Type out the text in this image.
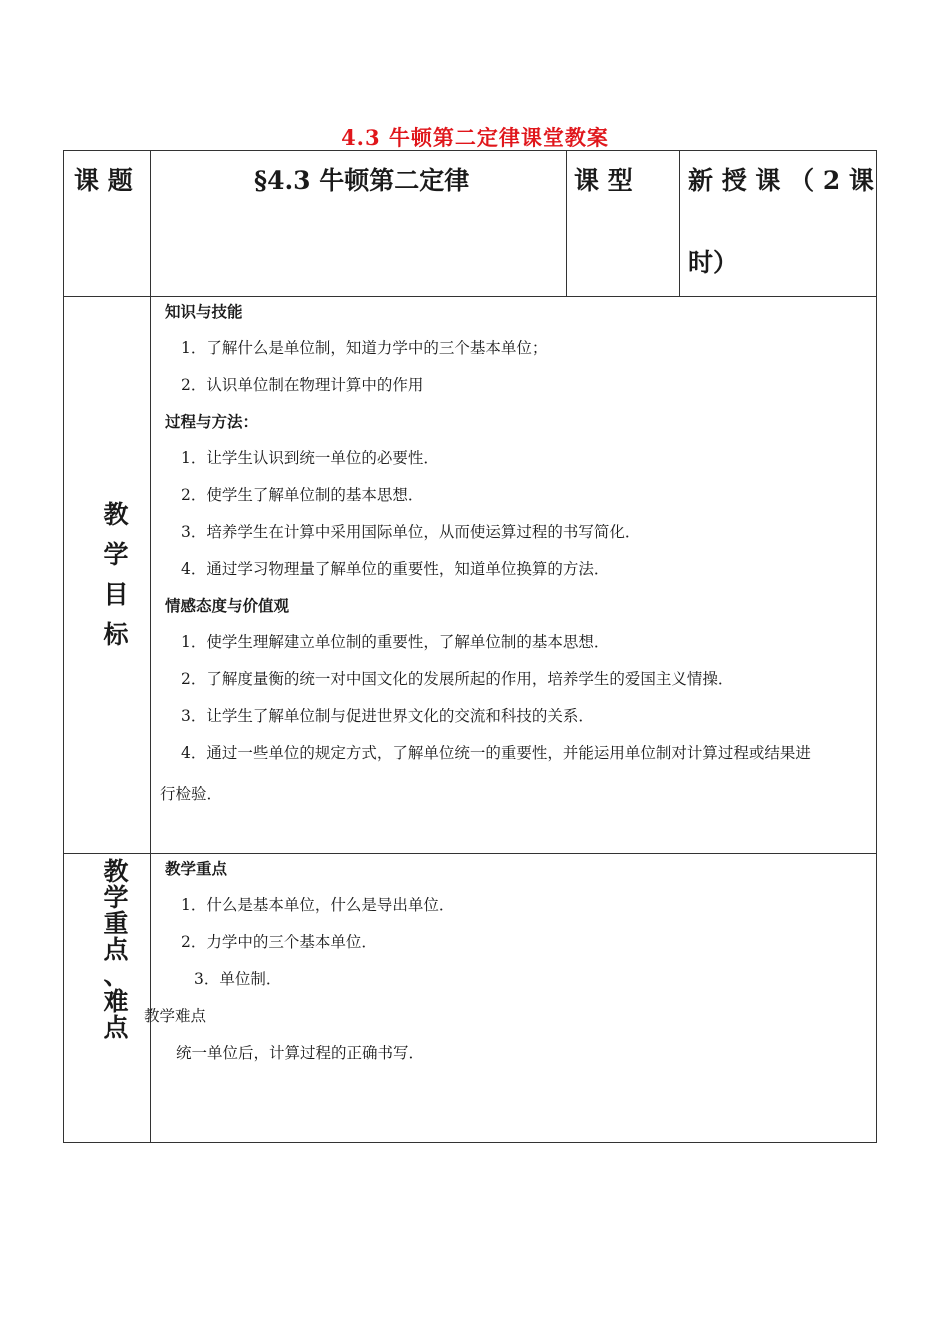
4.3 牛顿第二定律课堂教案
课 题	§4.3 牛顿第二定律	课 型 新 授 课 （ 2 课
时）
教
学
目
标
知识与技能
1．了解什么是单位制，知道力学中的三个基本单位；
2．认识单位制在物理计算中的作用
过程与方法：
1．让学生认识到统一单位的必要性．
2．使学生了解单位制的基本思想．
3．培养学生在计算中采用国际单位，从而使运算过程的书写简化．
4．通过学习物理量了解单位的重要性，知道单位换算的方法．
情感态度与价值观
1．使学生理解建立单位制的重要性，了解单位制的基本思想．
2．了解度量衡的统一对中国文化的发展所起的作用，培养学生的爱国主义情操．
3．让学生了解单位制与促进世界文化的交流和科技的关系．
4．通过一些单位的规定方式，了解单位统一的重要性，并能运用单位制对计算过程或结果进
行检验．
教
学
重
点
、
难
点
教学重点
1．什么是基本单位，什么是导出单位．
2．力学中的三个基本单位．
3．单位制．
教学难点
统一单位后，计算过程的正确书写．
